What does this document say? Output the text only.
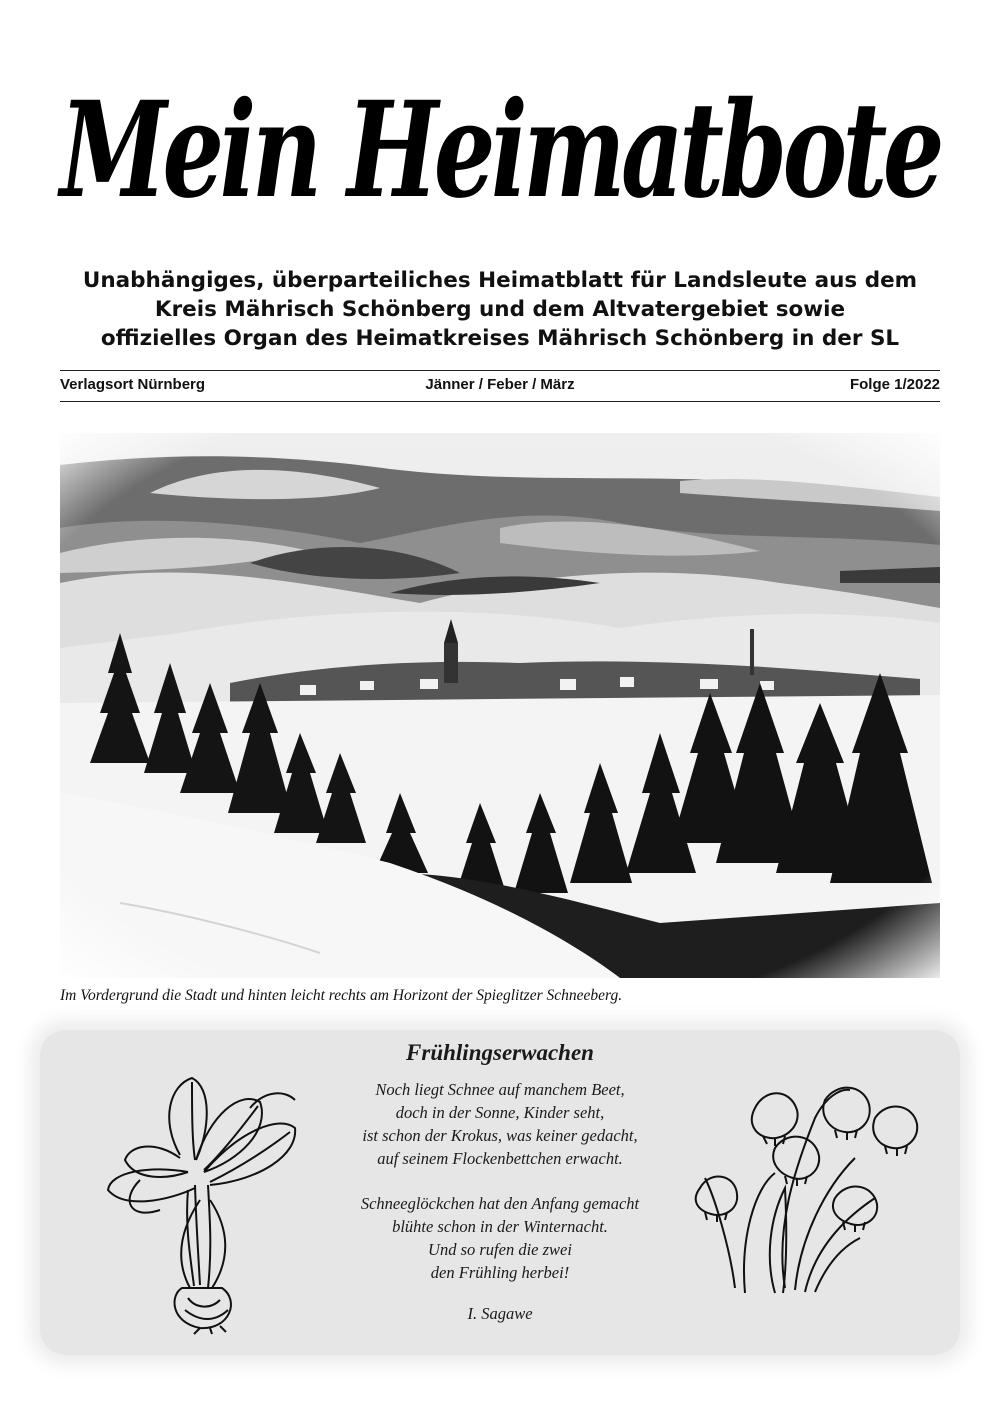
Mein Heimatbote
Unabhängiges, überparteiliches Heimatblatt für Landsleute aus dem
Kreis Mährisch Schönberg und dem Altvatergebiet sowie
offizielles Organ des Heimatkreises Mährisch Schönberg in der SL
Verlagsort Nürnberg	Jänner / Feber / März	Folge 1/2022
Im Vordergrund die Stadt und hinten leicht rechts am Horizont der Spieglitzer Schneeberg.
Frühlingserwachen
Noch liegt Schnee auf manchem Beet,
doch in der Sonne, Kinder seht,
ist schon der Krokus, was keiner gedacht,
auf seinem Flockenbettchen erwacht.
Schneeglöckchen hat den Anfang gemacht
blühte schon in der Winternacht.
Und so rufen die zwei
den Frühling herbei!
I. Sagawe
